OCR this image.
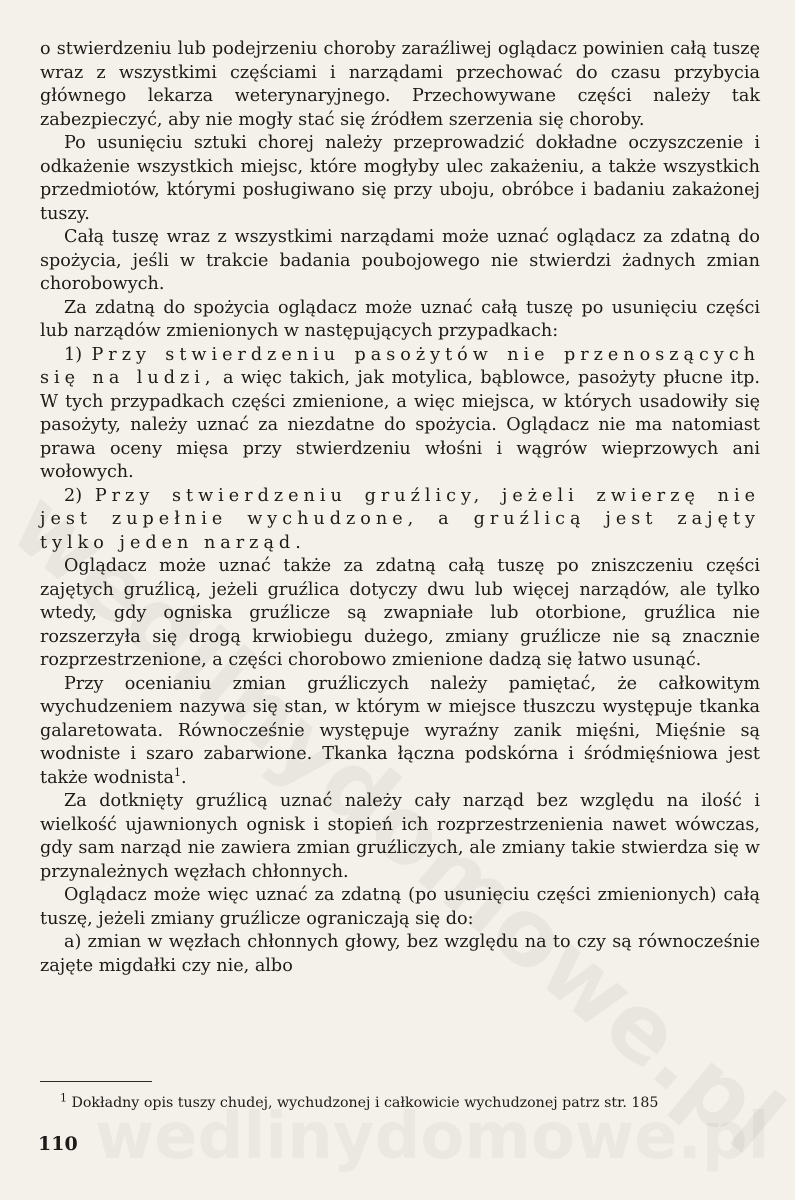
o stwierdzeniu lub podejrzeniu choroby zaraźliwej oglądacz powinien całą tuszę wraz z wszystkimi częściami i narządami przechować do czasu przybycia głównego lekarza weterynaryjnego. Przechowywane części należy tak zabezpieczyć, aby nie mogły stać się źródłem szerzenia się choroby.

Po usunięciu sztuki chorej należy przeprowadzić dokładne oczyszczenie i odkażenie wszystkich miejsc, które mogłyby ulec zakażeniu, a także wszystkich przedmiotów, którymi posługiwano się przy uboju, obróbce i badaniu zakażonej tuszy.

Całą tuszę wraz z wszystkimi narządami może uznać oglądacz za zdatną do spożycia, jeśli w trakcie badania poubojowego nie stwierdzi żadnych zmian chorobowych.

Za zdatną do spożycia oglądacz może uznać całą tuszę po usunięciu części lub narządów zmienionych w następujących przypadkach:

1) Przy stwierdzeniu pasożytów nie przenoszących się na ludzi, a więc takich, jak motylica, bąblowce, pasożyty płucne itp. W tych przypadkach części zmienione, a więc miejsca, w których usadowiły się pasożyty, należy uznać za niezdatne do spożycia. Oglądacz nie ma natomiast prawa oceny mięsa przy stwierdzeniu włośni i wągrów wieprzowych ani wołowych.

2) Przy stwierdzeniu gruźlicy, jeżeli zwierzę nie jest zupełnie wychudzone, a gruźlicą jest zajęty tylko jeden narząd.

Oglądacz może uznać także za zdatną całą tuszę po zniszczeniu części zajętych gruźlicą, jeżeli gruźlica dotyczy dwu lub więcej narządów, ale tylko wtedy, gdy ogniska gruźlicze są zwapniałe lub otorbione, gruźlica nie rozszerzyła się drogą krwiobiegu dużego, zmiany gruźlicze nie są znacznie rozprzestrzenione, a części chorobowo zmienione dadzą się łatwo usunąć.

Przy ocenianiu zmian gruźliczych należy pamiętać, że całkowitym wychudzeniem nazywa się stan, w którym w miejsce tłuszczu występuje tkanka galaretowata. Równocześnie występuje wyraźny zanik mięśni, Mięśnie są wodniste i szaro zabarwione. Tkanka łączna podskórna i śródmięśniowa jest także wodnista$^1$.

Za dotknięty gruźlicą uznać należy cały narząd bez względu na ilość i wielkość ujawnionych ognisk i stopień ich rozprzestrzenienia nawet wówczas, gdy sam narząd nie zawiera zmian gruźliczych, ale zmiany takie stwierdza się w przynależnych węzłach chłonnych.

Oglądacz może więc uznać za zdatną (po usunięciu części zmienionych) całą tuszę, jeżeli zmiany gruźlicze ograniczają się do:

a) zmian w węzłach chłonnych głowy, bez względu na to czy są równocześnie zajęte migdałki czy nie, albo

$^1$ Dokładny opis tuszy chudej, wychudzonej i całkowicie wychudzonej patrz str. 185
110
